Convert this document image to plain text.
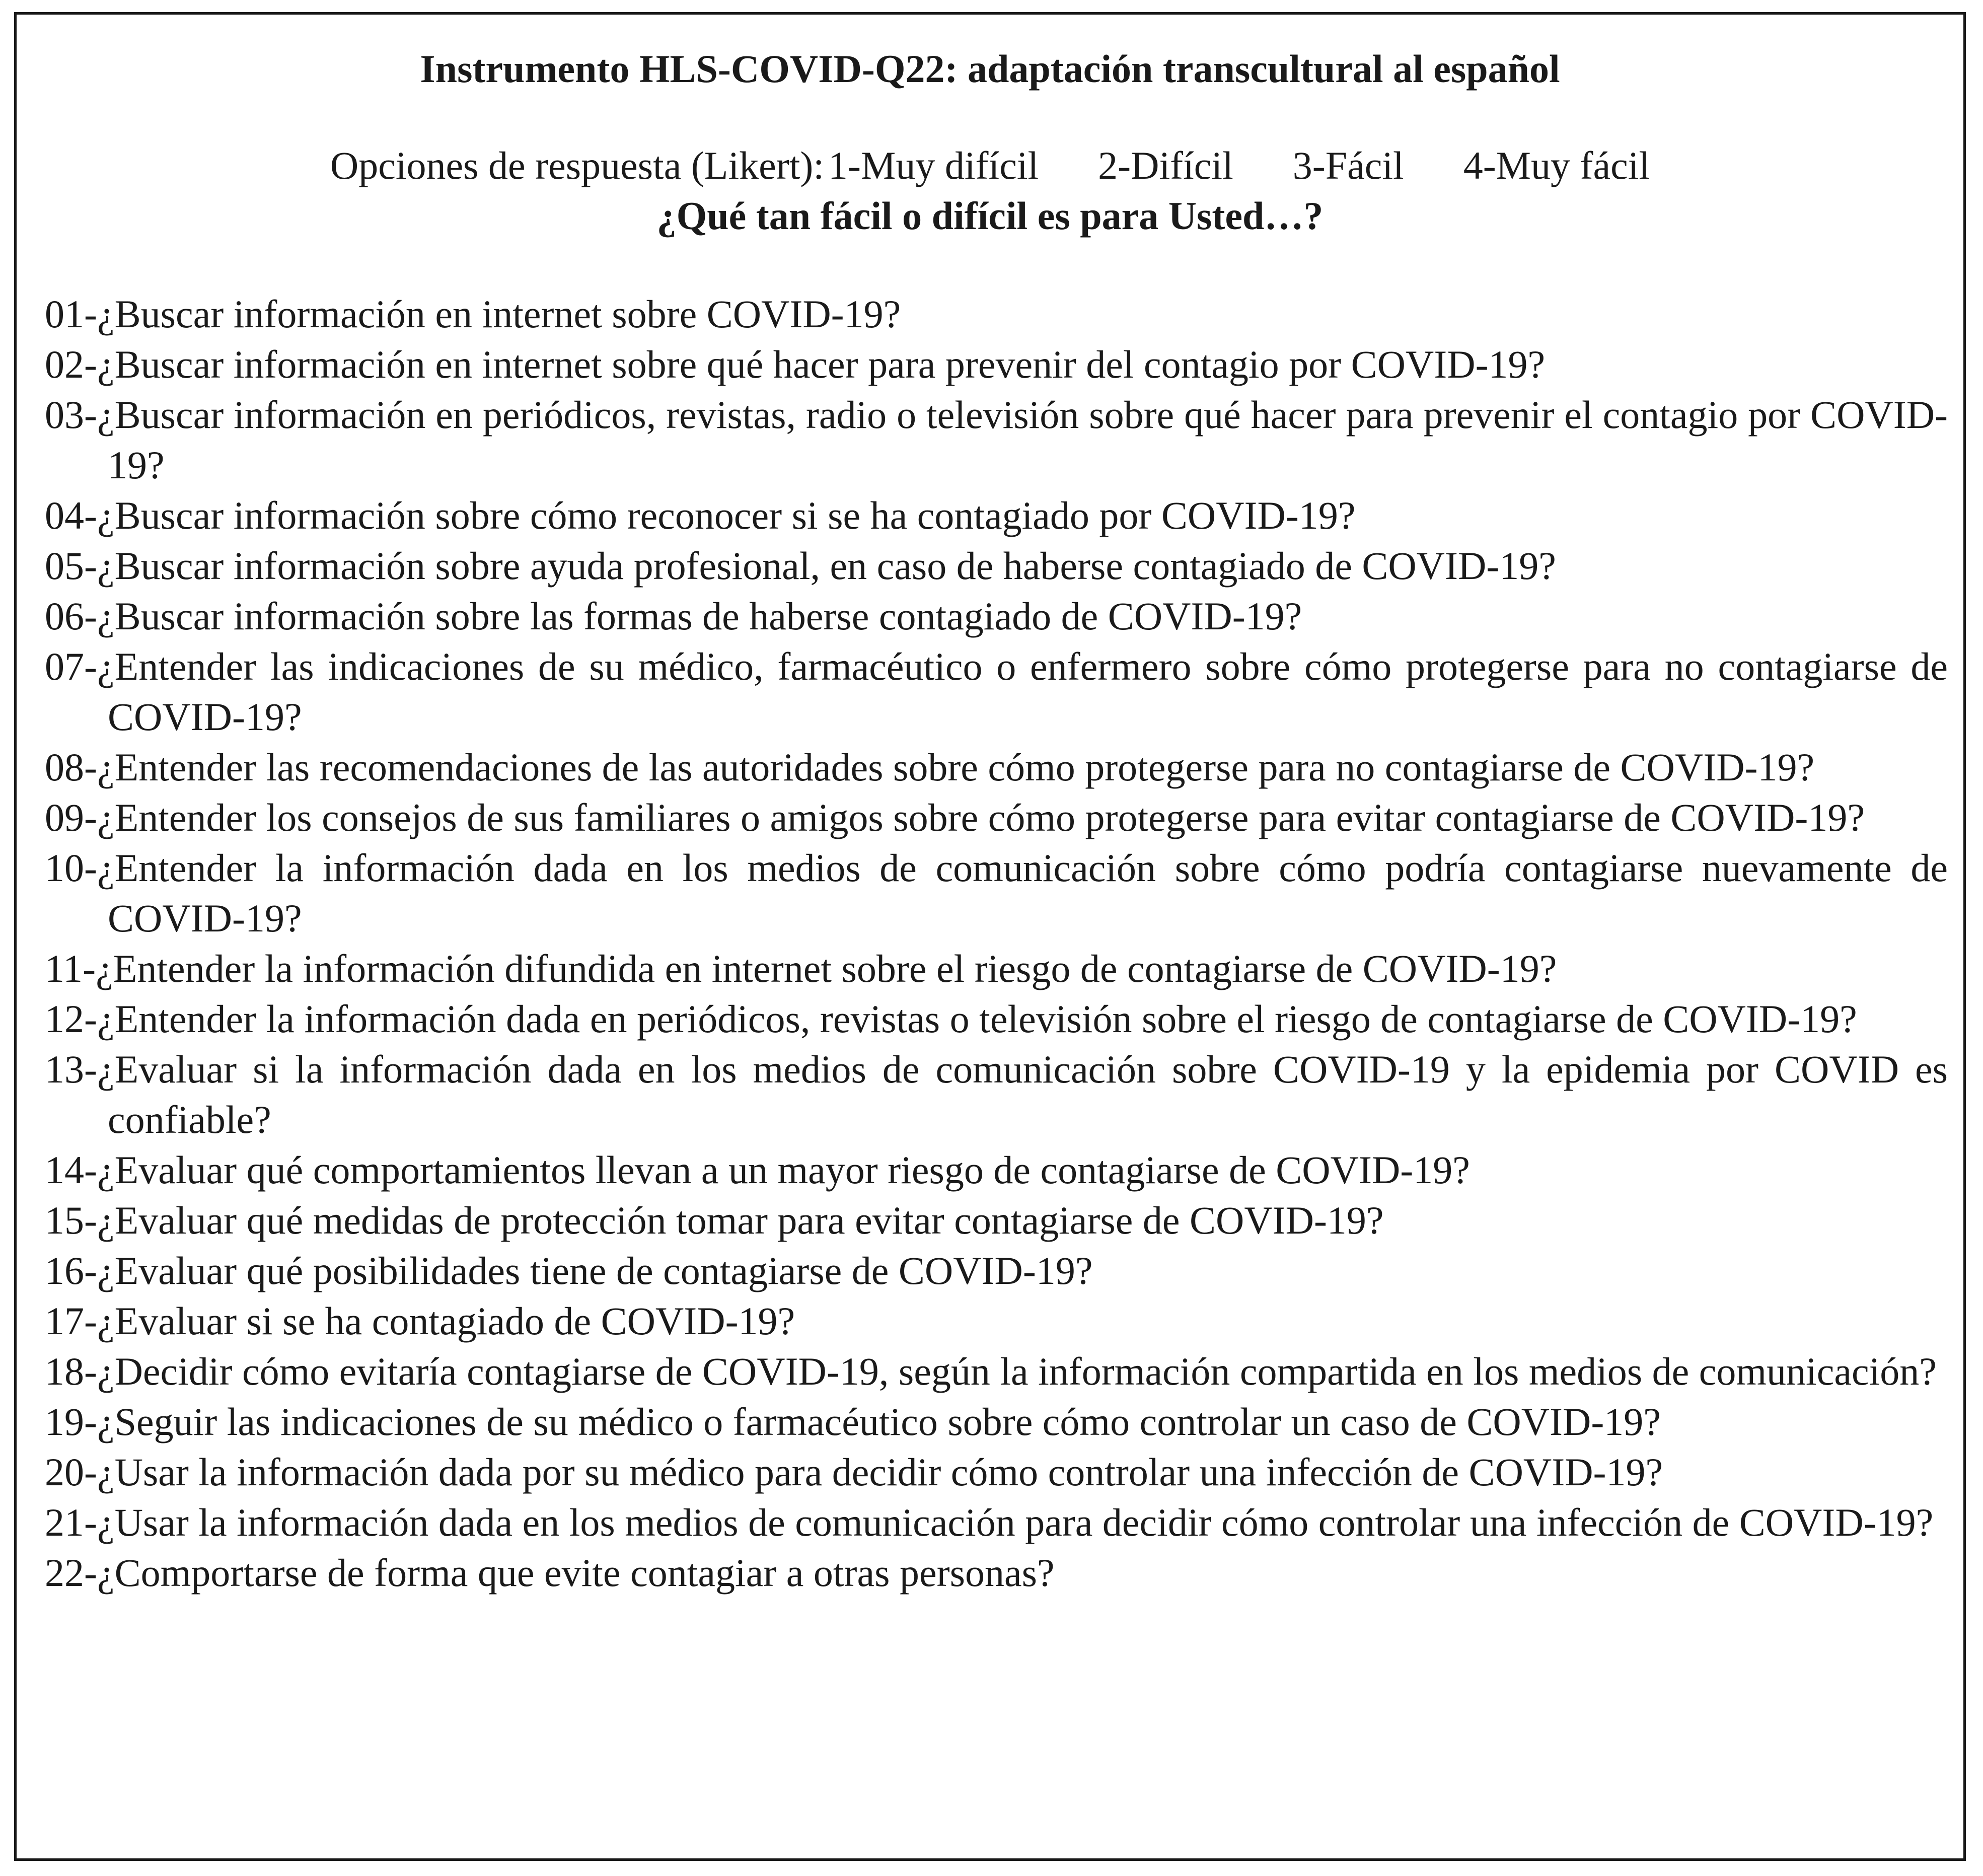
Instrumento HLS-COVID-Q22: adaptación transcultural al español
Opciones de respuesta (Likert): 1-Muy difícil 2-Difícil 3-Fácil 4-Muy fácil
¿Qué tan fácil o difícil es para Usted…?
01-¿Buscar información en internet sobre COVID-19?
02-¿Buscar información en internet sobre qué hacer para prevenir del contagio por COVID-19?
03-¿Buscar información en periódicos, revistas, radio o televisión sobre qué hacer para prevenir el contagio por COVID-19?
04-¿Buscar información sobre cómo reconocer si se ha contagiado por COVID-19?
05-¿Buscar información sobre ayuda profesional, en caso de haberse contagiado de COVID-19?
06-¿Buscar información sobre las formas de haberse contagiado de COVID-19?
07-¿Entender las indicaciones de su médico, farmacéutico o enfermero sobre cómo protegerse para no contagiarse de COVID-19?
08-¿Entender las recomendaciones de las autoridades sobre cómo protegerse para no contagiarse de COVID-19?
09-¿Entender los consejos de sus familiares o amigos sobre cómo protegerse para evitar contagiarse de COVID-19?
10-¿Entender la información dada en los medios de comunicación sobre cómo podría contagiarse nuevamente de COVID-19?
11-¿Entender la información difundida en internet sobre el riesgo de contagiarse de COVID-19?
12-¿Entender la información dada en periódicos, revistas o televisión sobre el riesgo de contagiarse de COVID-19?
13-¿Evaluar si la información dada en los medios de comunicación sobre COVID-19 y la epidemia por COVID es confiable?
14-¿Evaluar qué comportamientos llevan a un mayor riesgo de contagiarse de COVID-19?
15-¿Evaluar qué medidas de protección tomar para evitar contagiarse de COVID-19?
16-¿Evaluar qué posibilidades tiene de contagiarse de COVID-19?
17-¿Evaluar si se ha contagiado de COVID-19?
18-¿Decidir cómo evitaría contagiarse de COVID-19, según la información compartida en los medios de comunicación?
19-¿Seguir las indicaciones de su médico o farmacéutico sobre cómo controlar un caso de COVID-19?
20-¿Usar la información dada por su médico para decidir cómo controlar una infección de COVID-19?
21-¿Usar la información dada en los medios de comunicación para decidir cómo controlar una infección de COVID-19?
22-¿Comportarse de forma que evite contagiar a otras personas?
